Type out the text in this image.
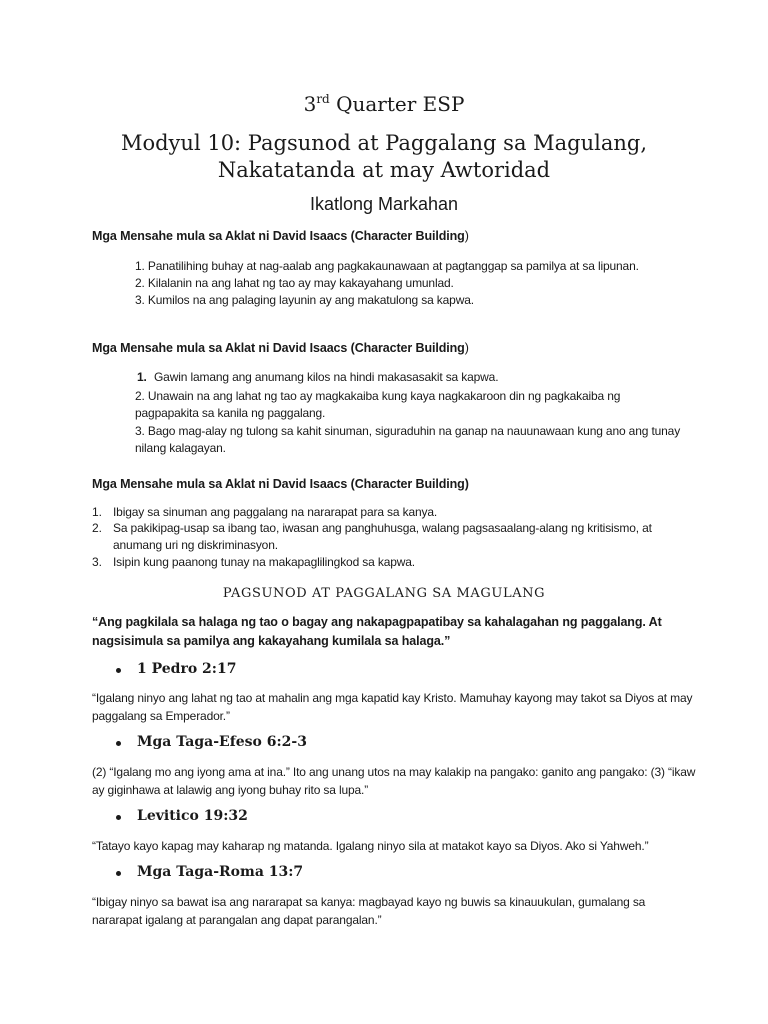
3rd Quarter ESP
Modyul 10: Pagsunod at Paggalang sa Magulang,
Nakatatanda at may Awtoridad
Ikatlong Markahan
Mga Mensahe mula sa Aklat ni David Isaacs (Character Building)
1. Panatilihing buhay at nag-aalab ang pagkakaunawaan at pagtanggap sa pamilya at sa lipunan.
2. Kilalanin na ang lahat ng tao ay may kakayahang umunlad.
3. Kumilos na ang palaging layunin ay ang makatulong sa kapwa.
Mga Mensahe mula sa Aklat ni David Isaacs (Character Building)
1. Gawin lamang ang anumang kilos na hindi makasasakit sa kapwa.
2. Unawain na ang lahat ng tao ay magkakaiba kung kaya nagkakaroon din ng pagkakaiba ng
pagpapakita sa kanila ng paggalang.
3. Bago mag-alay ng tulong sa kahit sinuman, siguraduhin na ganap na nauunawaan kung ano ang tunay
nilang kalagayan.
Mga Mensahe mula sa Aklat ni David Isaacs (Character Building)
1. Ibigay sa sinuman ang paggalang na nararapat para sa kanya.
2. Sa pakikipag-usap sa ibang tao, iwasan ang panghuhusga, walang pagsasaalang-alang ng kritisismo, at
anumang uri ng diskriminasyon.
3. Isipin kung paanong tunay na makapaglilingkod sa kapwa.
PAGSUNOD AT PAGGALANG SA MAGULANG
“Ang pagkilala sa halaga ng tao o bagay ang nakapagpapatibay sa kahalagahan ng paggalang. At
nagsisimula sa pamilya ang kakayahang kumilala sa halaga.”
1 Pedro 2:17
“Igalang ninyo ang lahat ng tao at mahalin ang mga kapatid kay Kristo. Mamuhay kayong may takot sa Diyos at may
paggalang sa Emperador.”
Mga Taga-Efeso 6:2-3
(2) “Igalang mo ang iyong ama at ina.” Ito ang unang utos na may kalakip na pangako: ganito ang pangako: (3) “ikaw
ay giginhawa at lalawig ang iyong buhay rito sa lupa.”
Levitico 19:32
“Tatayo kayo kapag may kaharap ng matanda. Igalang ninyo sila at matakot kayo sa Diyos. Ako si Yahweh.”
Mga Taga-Roma 13:7
“Ibigay ninyo sa bawat isa ang nararapat sa kanya: magbayad kayo ng buwis sa kinauukulan, gumalang sa
nararapat igalang at parangalan ang dapat parangalan.”
